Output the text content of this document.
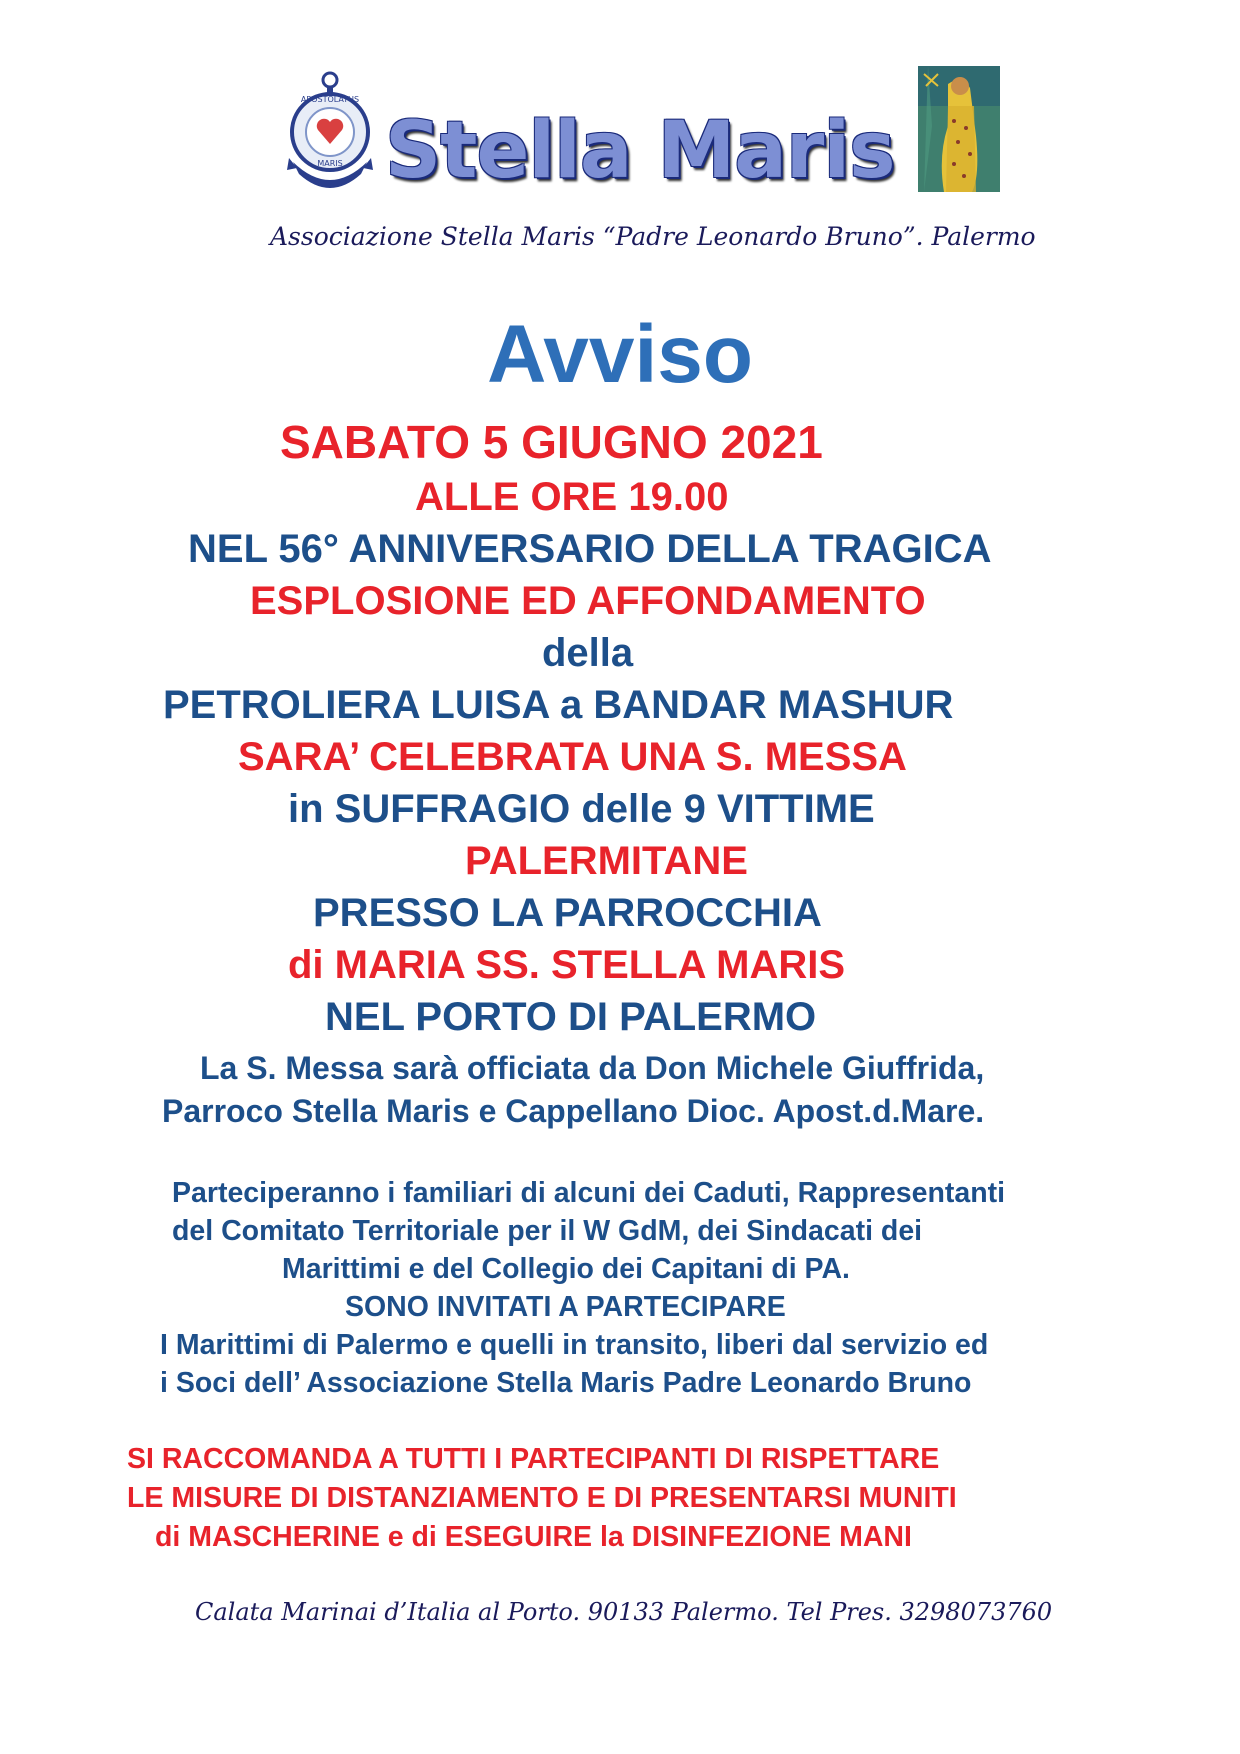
APOSTOLATUS
MARIS Stella Maris
Associazione Stella Maris “Padre Leonardo Bruno”. Palermo
Avviso
SABATO 5 GIUGNO 2021
ALLE ORE 19.00
NEL 56° ANNIVERSARIO DELLA TRAGICA
ESPLOSIONE ED AFFONDAMENTO
della
PETROLIERA LUISA a BANDAR MASHUR
SARA’ CELEBRATA UNA S. MESSA
in SUFFRAGIO delle 9 VITTIME
PALERMITANE
PRESSO LA PARROCCHIA
di MARIA SS. STELLA MARIS
NEL PORTO DI PALERMO
La S. Messa sarà officiata da Don Michele Giuffrida,
Parroco Stella Maris e Cappellano Dioc. Apost.d.Mare.
Parteciperanno i familiari di alcuni dei Caduti, Rappresentanti
del Comitato Territoriale per il W GdM, dei Sindacati dei
Marittimi e del Collegio dei Capitani di PA.
SONO INVITATI A PARTECIPARE
I Marittimi di Palermo e quelli in transito, liberi dal servizio ed
i Soci dell’ Associazione Stella Maris Padre Leonardo Bruno
SI RACCOMANDA A TUTTI I PARTECIPANTI DI RISPETTARE
LE MISURE DI DISTANZIAMENTO E DI PRESENTARSI MUNITI
di MASCHERINE e di ESEGUIRE la DISINFEZIONE MANI
Calata Marinai d’Italia al Porto. 90133 Palermo. Tel Pres. 3298073760
